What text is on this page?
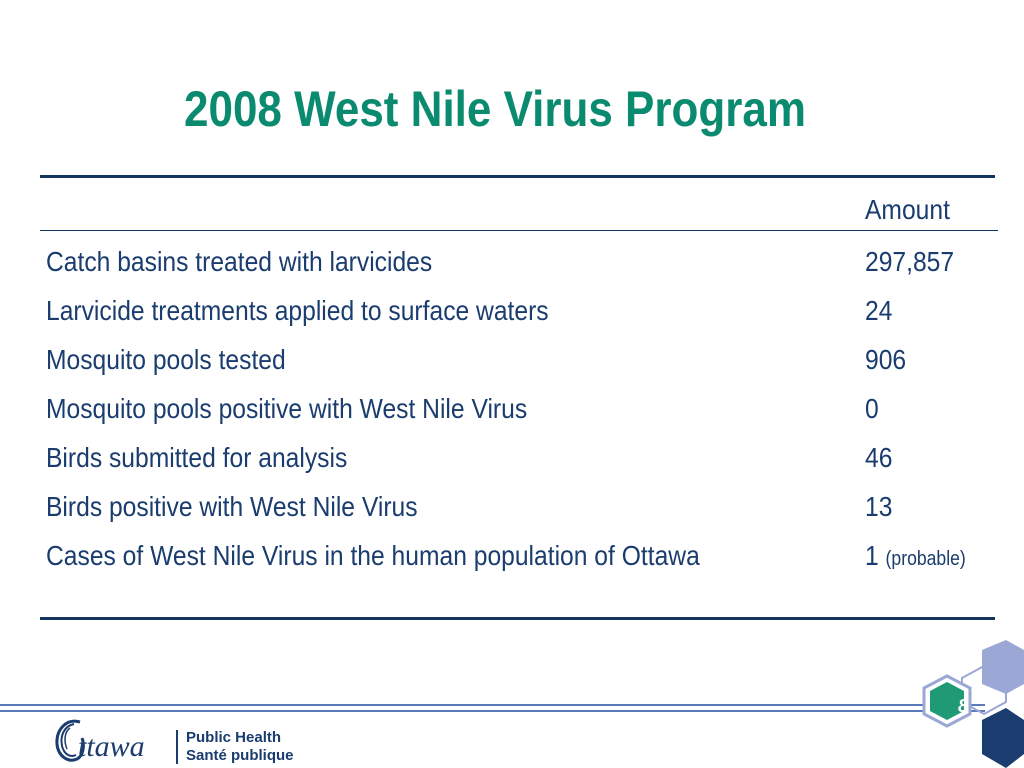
2008 West Nile Virus Program
Amount
Catch basins treated with larvicides	297,857
Larvicide treatments applied to surface waters	24
Mosquito pools tested	906
Mosquito pools positive with West Nile Virus	0
Birds submitted for analysis	46
Birds positive with West Nile Virus	13
Cases of West Nile Virus in the human population of Ottawa	1 (probable)
ttawa	Public Health
Santé publique
8
